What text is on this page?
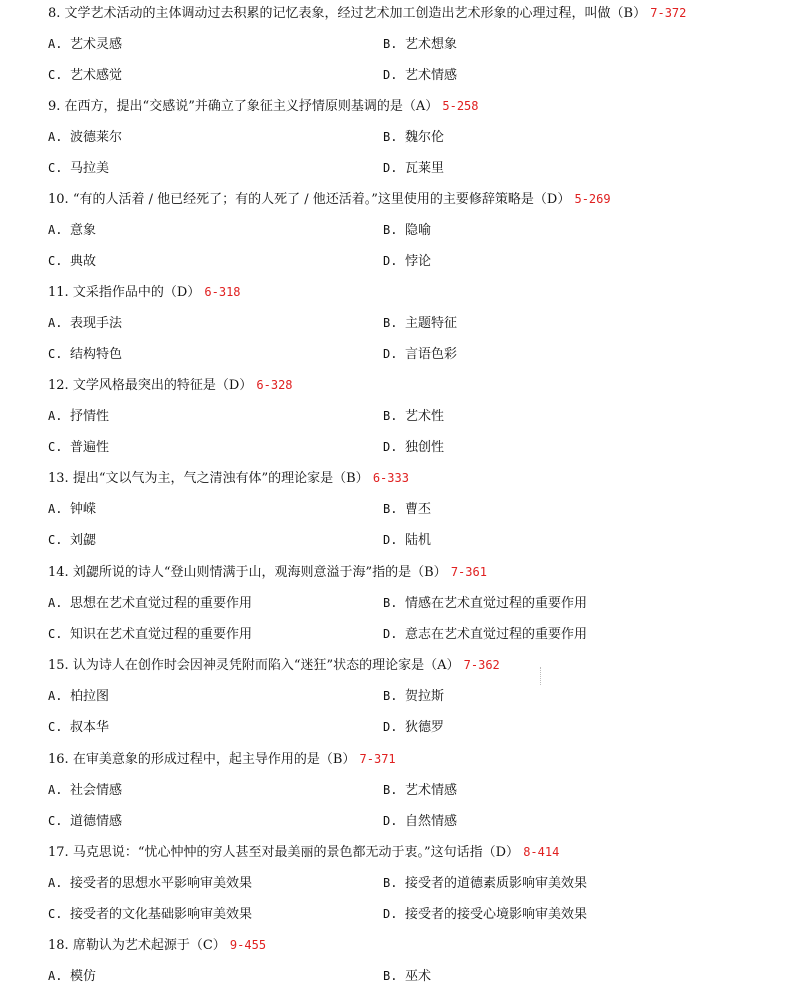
8. 文学艺术活动的主体调动过去积累的记忆表象，经过艺术加工创造出艺术形象的心理过程，叫做（B） 7-372
A. 艺术灵感	B. 艺术想象
C. 艺术感觉	D. 艺术情感
9. 在西方，提出“交感说”并确立了象征主义抒情原则基调的是（A） 5-258
A. 波德莱尔	B. 魏尔伦
C. 马拉美	D. 瓦莱里
10. “有的人活着 / 他已经死了；有的人死了 / 他还活着。”这里使用的主要修辞策略是（D） 5-269
A. 意象	B. 隐喻
C. 典故	D. 悖论
11. 文采指作品中的（D） 6-318
A. 表现手法	B. 主题特征
C. 结构特色	D. 言语色彩
12. 文学风格最突出的特征是（D） 6-328
A. 抒情性	B. 艺术性
C. 普遍性	D. 独创性
13. 提出“文以气为主，气之清浊有体”的理论家是（B） 6-333
A. 钟嵘	B. 曹丕
C. 刘勰	D. 陆机
14. 刘勰所说的诗人“登山则情满于山，观海则意溢于海”指的是（B） 7-361
A. 思想在艺术直觉过程的重要作用	B. 情感在艺术直觉过程的重要作用
C. 知识在艺术直觉过程的重要作用	D. 意志在艺术直觉过程的重要作用
15. 认为诗人在创作时会因神灵凭附而陷入“迷狂”状态的理论家是（A） 7-362
A. 柏拉图	B. 贺拉斯
C. 叔本华	D. 狄德罗
16. 在审美意象的形成过程中，起主导作用的是（B） 7-371
A. 社会情感	B. 艺术情感
C. 道德情感	D. 自然情感
17. 马克思说：“忧心忡忡的穷人甚至对最美丽的景色都无动于衷。”这句话指（D） 8-414
A. 接受者的思想水平影响审美效果	B. 接受者的道德素质影响审美效果
C. 接受者的文化基础影响审美效果	D. 接受者的接受心境影响审美效果
18. 席勒认为艺术起源于（C） 9-455
A. 模仿	B. 巫术
